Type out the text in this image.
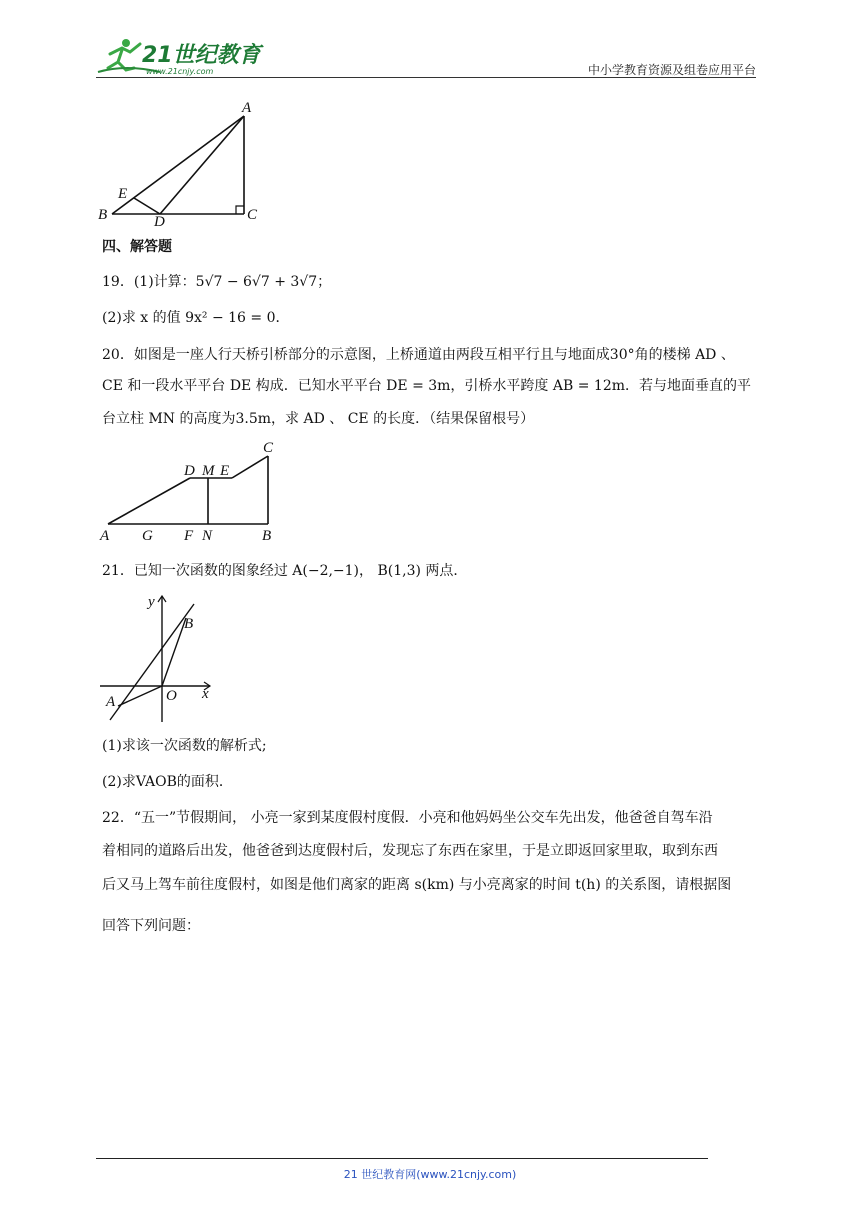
21世纪教育
www.21cnjy.com	中小学教育资源及组卷应用平台
A
B	C
D
E
四、解答题
19．(1)计算：5√7 − 6√7 + 3√7；
(2)求 x 的值 9x² − 16 = 0．
20．如图是一座人行天桥引桥部分的示意图，上桥通道由两段互相平行且与地面成30°角的楼梯 AD 、
CE 和一段水平平台 DE 构成．已知水平平台 DE = 3m，引桥水平跨度 AB = 12m．若与地面垂直的平
台立柱 MN 的高度为3.5m，求 AD 、 CE 的长度．（结果保留根号）
C
D M E
A G F N	B
21．已知一次函数的图象经过 A(−2,−1)， B(1,3) 两点．
y
x
O
A
B
(1)求该一次函数的解析式;
(2)求VAOB的面积．
22．“五一”节假期间， 小亮一家到某度假村度假．小亮和他妈妈坐公交车先出发，他爸爸自驾车沿
着相同的道路后出发，他爸爸到达度假村后，发现忘了东西在家里，于是立即返回家里取，取到东西
后又马上驾车前往度假村，如图是他们离家的距离 s(km) 与小亮离家的时间 t(h) 的关系图，请根据图
回答下列问题：
21 世纪教育网(www.21cnjy.com)
